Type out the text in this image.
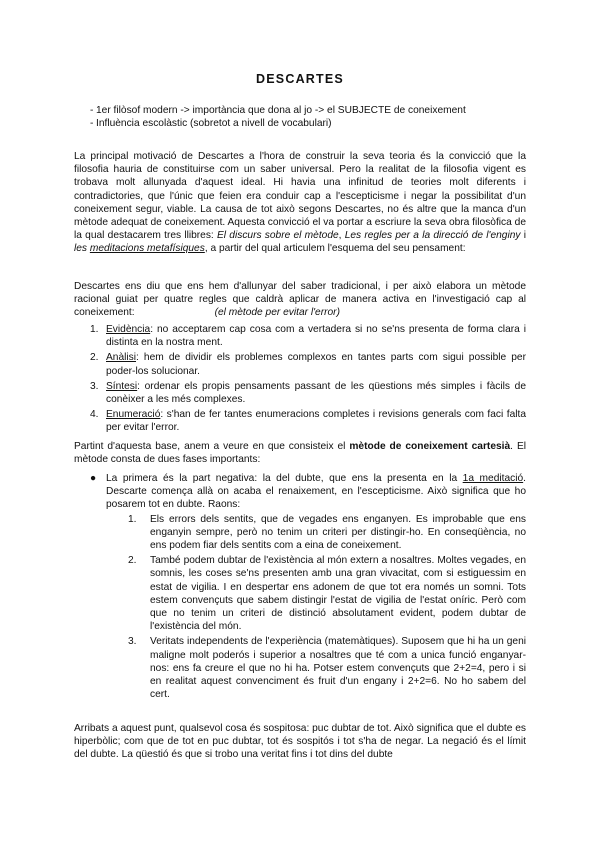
DESCARTES
- 1er filòsof modern -> importància que dona al jo -> el SUBJECTE de coneixement
- Influència escolàstic (sobretot a nivell de vocabulari)
La principal motivació de Descartes a l'hora de construir la seva teoria és la convicció que la filosofia hauria de constituirse com un saber universal. Pero la realitat de la filosofia vigent es trobava molt allunyada d'aquest ideal. Hi havia una infinitud de teories molt diferents i contradictories, que l'únic que feien era conduir cap a l'escepticisme i negar la possibilitat d'un coneixement segur, viable. La causa de tot això segons Descartes, no és altre que la manca d'un mètode adequat de coneixement. Aquesta convicció el va portar a escriure la seva obra filosòfica de la qual destacarem tres llibres: El discurs sobre el mètode, Les regles per a la direcció de l'enginy i les meditacions metafísiques, a partir del qual articulem l'esquema del seu pensament:
Descartes ens diu que ens hem d'allunyar del saber tradicional, i per això elabora un mètode racional guiat per quatre regles que caldrà aplicar de manera activa en l'investigació cap al coneixement:	(el mètode per evitar l'error)
1. Evidència: no acceptarem cap cosa com a vertadera si no se'ns presenta de forma clara i distinta en la nostra ment.
2. Anàlisi: hem de dividir els problemes complexos en tantes parts com sigui possible per poder-los solucionar.
3. Síntesi: ordenar els propis pensaments passant de les qüestions més simples i fàcils de conèixer a les més complexes.
4. Enumeració: s'han de fer tantes enumeracions completes i revisions generals com faci falta per evitar l'error.
Partint d'aquesta base, anem a veure en que consisteix el mètode de coneixement cartesià. El mètode consta de dues fases importants:
● La primera és la part negativa: la del dubte, que ens la presenta en la 1a meditació. Descarte comença allà on acaba el renaixement, en l'escepticisme. Això significa que ho posarem tot en dubte. Raons:
1. Els errors dels sentits, que de vegades ens enganyen. Es improbable que ens enganyin sempre, però no tenim un criteri per distingir-ho. En conseqüència, no ens podem fiar dels sentits com a eina de coneixement.
2. També podem dubtar de l'existència al món extern a nosaltres. Moltes vegades, en somnis, les coses se'ns presenten amb una gran vivacitat, com si estiguessim en estat de vigilia. I en despertar ens adonem de que tot era només un somni. Tots estem convençuts que sabem distingir l'estat de vigilia de l'estat oníric. Però com que no tenim un criteri de distinció absolutament evident, podem dubtar de l'existència del món.
3. Veritats independents de l'experiència (matemàtiques). Suposem que hi ha un geni maligne molt poderós i superior a nosaltres que té com a unica funció enganyar-nos: ens fa creure el que no hi ha. Potser estem convençuts que 2+2=4, pero i si en realitat aquest convenciment és fruit d'un engany i 2+2=6. No ho sabem del cert.
Arribats a aquest punt, qualsevol cosa és sospitosa: puc dubtar de tot. Això significa que el dubte es hiperbòlic; com que de tot en puc dubtar, tot és sospitós i tot s'ha de negar. La negació és el límit del dubte. La qüestió és que si trobo una veritat fins i tot dins del dubte
